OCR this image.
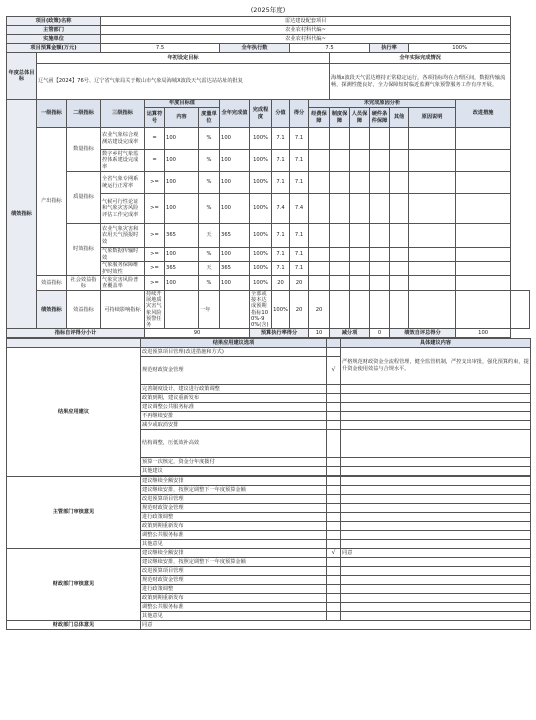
(2025年度)
项目(政策)名称			雷达建设配套项目															
主管部门			农业农村科代编~															
实施单位			农业农村科代编~															
项目预算金额(万元)			7.5				全年执行数			7.5				执行率		100%		
年度总体目标	年初设定目标											全年实际完成情况						
	辽气函【2024】76号、辽宁省气象局关于鞍山市气象局海城X波段天气雷达站站址的批复											海城x波段天气雷达维持正常稳定运行，各项指标均在合理区间，数据传输流畅，探测性能良好，全力保障短时临近监测气象预警服务工作有序开展。						
绩效指标	一级指标	二级指标	三级指标	年度目标值			全年完成值	完成程度	分值	得分	未完成原因分析						改进措施	
				运算符号	内容	度量单位					经费保障	制度保障	人员保障	硬件条件保障	其他	原因说明		
	产出指标	数量指标	农业气象综合观测站建设完成率	=	100	%	100	100%	7.1	7.1								
			数字乡村气象监控体系建设完成率	=	100	%	100	100%	7.1	7.1								
		质量指标	全省气象专网系统运行正常率	>=	100	%	100	100%	7.1	7.1								
			气候可行性论证和气象灾害风险评估工作完成率	>=	100	%	100	100%	7.4	7.4								
		时效指标	农业气象灾害和农用天气预报时效	>=	365	天	365	100%	7.1	7.1								
			气象数据传输时效	>=	100	%	100	100%	7.1	7.1								
			气象服务保障维护时效性	>=	365	天	365	100%	7.1	7.1								
	效益指标	社会效益指标	气象灾害风险普查覆盖率	>=	100	%	100	100%	20	20								
	绩效指标	效益指标	可持续影响指标	持续开展地质灾害气象风险预警任务		一年		全部或接本达成预期指标100%-90%(含)	100%	20	20							
指标自评得分小计				90				预算执行率得分			10	减分项		0	绩效自评总得分		100	
	结果应用建议选项		具体建议内容
结果应用建议	改进预算项目管理(改进措施和方式)		严格规范财政资金全流程管理，健全监管机制，严控支出审批，强化预算约束，提升资金使用效益与合规水平。
	规范财政资金管理	√	
	完善制度设计，建议进行政策调整		
	政策到期，建议重新发布		
	建议调整公共服务标准		
	不再继续安排		
	减少或取消安排		
	结构调整，压低效补高效		
	预算一次核定，资金分年度拨付		
	其他建议		

主管部门审核意见	建议继续全额安排		
	建议继续安排，按照定调整下一年度预算金额		
	改进预算项目管理		
	规范财政资金管理		
	进行政策调整		
	政策到期重新发布		
	调整公共服务标准		
	其他意见		
财政部门审核意见	建议继续全额安排	√	同意
	建议继续安排，按照定调整下一年度预算金额		
	改进预算项目管理		
	规范财政资金管理		
	进行政策调整		
	政策到期重新发布		
	调整公共服务标准		
	其他意见		
财政部门总体意见	同意		
